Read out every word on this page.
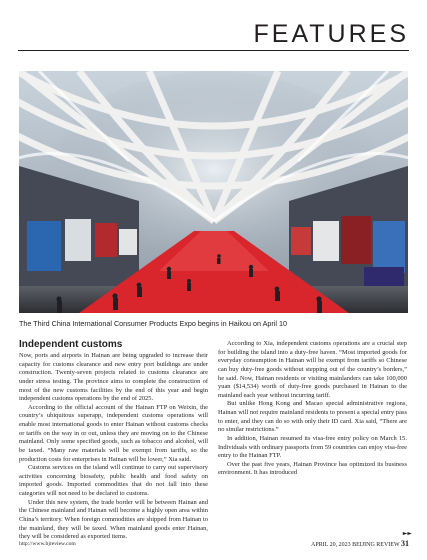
FEATURES
The Third China International Consumer Products Expo begins in Haikou on April 10
Independent customs

Now, ports and airports in Hainan are being upgraded to increase their capacity for customs clearance and new entry port buildings are under construction. Twenty-seven projects related to customs clearance are under stress testing. The province aims to complete the construction of most of the new customs facilities by the end of this year and begin independent customs operations by the end of 2025.

According to the official account of the Hainan FTP on Weixin, the country’s ubiquitous superapp, independent customs operations will enable most international goods to enter Hainan without customs checks or tariffs on the way in or out, unless they are moving on to the Chinese mainland. Only some specified goods, such as tobacco and alcohol, will be taxed. “Many raw materials will be exempt from tariffs, so the production costs for enterprises in Hainan will be lower,” Xia said.

Customs services on the island will continue to carry out supervisory activities concerning biosafety, public health and food safety on imported goods. Imported commodities that do not fall into these categories will not need to be declared to customs.

Under this new system, the trade border will be between Hainan and the Chinese mainland and Hainan will become a highly open area within China’s territory. When foreign commodities are shipped from Hainan to the mainland, they will be taxed. When mainland goods enter Hainan, they will be considered as exported items.

According to Xia, independent customs operations are a crucial step for building the island into a duty-free haven. “Most imported goods for everyday consumption in Hainan will be exempt from tariffs so Chinese can buy duty-free goods without stepping out of the country’s borders,” he said. Now, Hainan residents or visiting mainlanders can take 100,000 yuan ($14,534) worth of duty-free goods purchased in Hainan to the mainland each year without incurring tariff.

But unlike Hong Kong and Macao special administrative regions, Hainan will not require mainland residents to present a special entry pass to enter, and they can do so with only their ID card. Xia said, “There are no similar restrictions.”

In addition, Hainan resumed its visa-free entry policy on March 15. Individuals with ordinary passports from 59 countries can enjoy visa-free entry to the Hainan FTP.

Over the past five years, Hainan Province has optimized its business environment. It has introduced

►►
http://www.bjreview.com	APRIL 20, 2023 BEIJING REVIEW 31
